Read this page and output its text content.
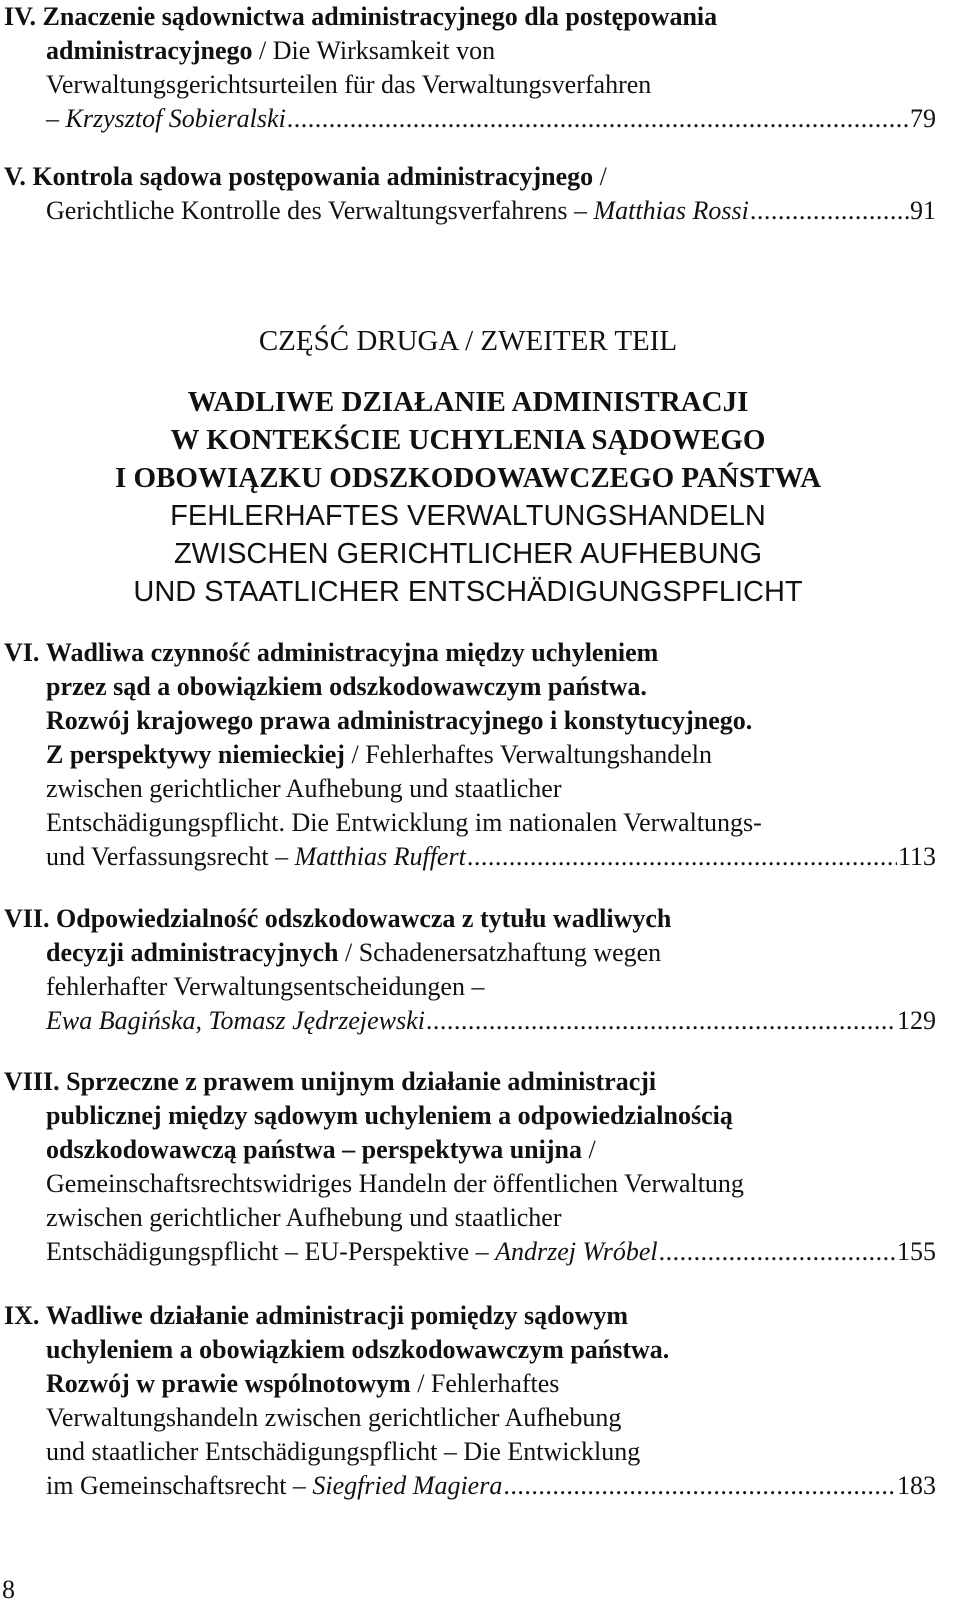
IV. Znaczenie sądownictwa administracyjnego dla postępowania
administracyjnego / Die Wirksamkeit von
Verwaltungsgerichtsurteilen für das Verwaltungsverfahren
– Krzysztof Sobieralski .....	79
V. Kontrola sądowa postępowania administracyjnego /
Gerichtliche Kontrolle des Verwaltungsverfahrens – Matthias Rossi .....	91
CZĘŚĆ DRUGA / ZWEITER TEIL
WADLIWE DZIAŁANIE ADMINISTRACJI
W KONTEKŚCIE UCHYLENIA SĄDOWEGO
I OBOWIĄZKU ODSZKODOWAWCZEGO PAŃSTWA
FEHLERHAFTES VERWALTUNGSHANDELN
ZWISCHEN GERICHTLICHER AUFHEBUNG
UND STAATLICHER ENTSCHÄDIGUNGSPFLICHT
VI. Wadliwa czynność administracyjna między uchyleniem
przez sąd a obowiązkiem odszkodowawczym państwa.
Rozwój krajowego prawa administracyjnego i konstytucyjnego.
Z perspektywy niemieckiej / Fehlerhaftes Verwaltungshandeln
zwischen gerichtlicher Aufhebung und staatlicher
Entschädigungspflicht. Die Entwicklung im nationalen Verwaltungs-
und Verfassungsrecht – Matthias Ruffert .....	113
VII. Odpowiedzialność odszkodowawcza z tytułu wadliwych
decyzji administracyjnych / Schadenersatzhaftung wegen
fehlerhafter Verwaltungsentscheidungen –
Ewa Bagińska, Tomasz Jędrzejewski .....	129
VIII. Sprzeczne z prawem unijnym działanie administracji
publicznej między sądowym uchyleniem a odpowiedzialnością
odszkodowawczą państwa – perspektywa unijna /
Gemeinschaftsrechtswidriges Handeln der öffentlichen Verwaltung
zwischen gerichtlicher Aufhebung und staatlicher
Entschädigungspflicht – EU-Perspektive – Andrzej Wróbel .....	155
IX. Wadliwe działanie administracji pomiędzy sądowym
uchyleniem a obowiązkiem odszkodowawczym państwa.
Rozwój w prawie wspólnotowym / Fehlerhaftes
Verwaltungshandeln zwischen gerichtlicher Aufhebung
und staatlicher Entschädigungspflicht – Die Entwicklung
im Gemeinschaftsrecht – Siegfried Magiera .....	183
8
